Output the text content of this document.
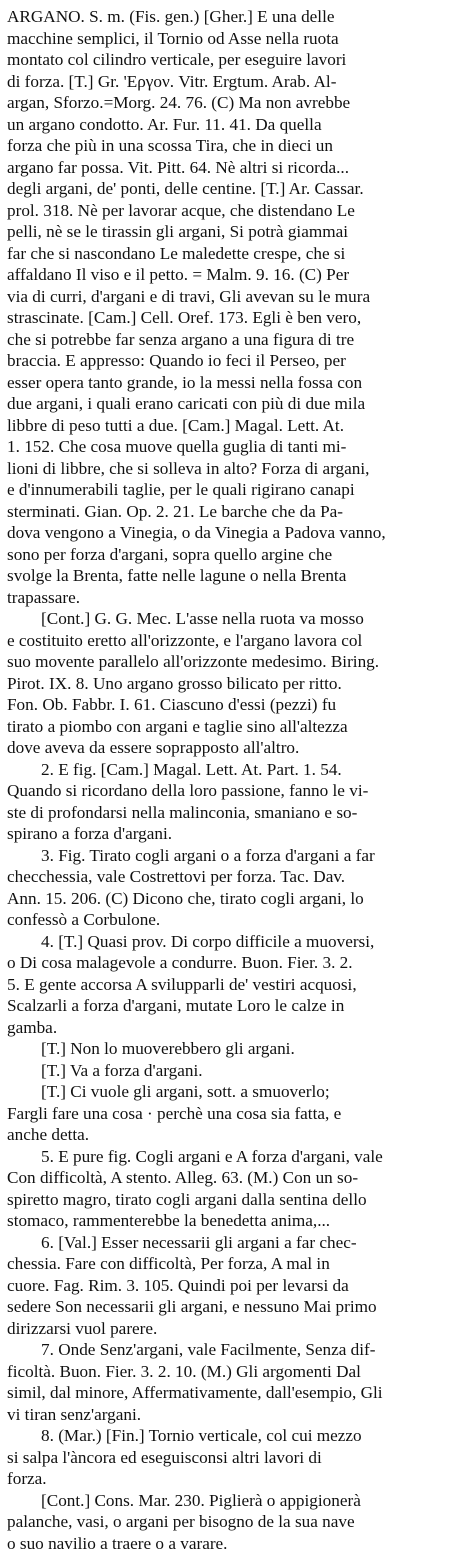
ARGANO. S. m. (Fis. gen.) [Gher.] E una delle
macchine semplici, il Tornio od Asse nella ruota
montato col cilindro verticale, per eseguire lavori
di forza. [T.] Gr. 'Εργον. Vitr. Ergtum. Arab. Al-
argan, Sforzo.=Morg. 24. 76. (C) Ma non avrebbe
un argano condotto. Ar. Fur. 11. 41. Da quella
forza che più in una scossa Tira, che in dieci un
argano far possa. Vit. Pitt. 64. Nè altri si ricorda...
degli argani, de' ponti, delle centine. [T.] Ar. Cassar.
prol. 318. Nè per lavorar acque, che distendano Le
pelli, nè se le tirassin gli argani, Si potrà giammai
far che si nascondano Le maledette crespe, che si
affaldano Il viso e il petto. = Malm. 9. 16. (C) Per
via di curri, d'argani e di travi, Gli avevan su le mura
strascinate. [Cam.] Cell. Oref. 173. Egli è ben vero,
che si potrebbe far senza argano a una figura di tre
braccia. E appresso: Quando io feci il Perseo, per
esser opera tanto grande, io la messi nella fossa con
due argani, i quali erano caricati con più di due mila
libbre di peso tutti a due. [Cam.] Magal. Lett. At.
1. 152. Che cosa muove quella guglia di tanti mi-
lioni di libbre, che si solleva in alto? Forza di argani,
e d'innumerabili taglie, per le quali rigirano canapi
sterminati. Gian. Op. 2. 21. Le barche che da Pa-
dova vengono a Vinegia, o da Vinegia a Padova vanno,
sono per forza d'argani, sopra quello argine che
svolge la Brenta, fatte nelle lagune o nella Brenta
trapassare.
[Cont.] G. G. Mec. L'asse nella ruota va mosso
e costituito eretto all'orizzonte, e l'argano lavora col
suo movente parallelo all'orizzonte medesimo. Biring.
Pirot. IX. 8. Uno argano grosso bilicato per ritto.
Fon. Ob. Fabbr. I. 61. Ciascuno d'essi (pezzi) fu
tirato a piombo con argani e taglie sino all'altezza
dove aveva da essere soprapposto all'altro.
2. E fig. [Cam.] Magal. Lett. At. Part. 1. 54.
Quando si ricordano della loro passione, fanno le vi-
ste di profondarsi nella malinconia, smaniano e so-
spirano a forza d'argani.
3. Fig. Tirato cogli argani o a forza d'argani a far
checchessia, vale Costrettovi per forza. Tac. Dav.
Ann. 15. 206. (C) Dicono che, tirato cogli argani, lo
confessò a Corbulone.
4. [T.] Quasi prov. Di corpo difficile a muoversi,
o Di cosa malagevole a condurre. Buon. Fier. 3. 2.
5. E gente accorsa A svilupparli de' vestiri acquosi,
Scalzarli a forza d'argani, mutate Loro le calze in
gamba.
[T.] Non lo muoverebbero gli argani.
[T.] Va a forza d'argani.
[T.] Ci vuole gli argani, sott. a smuoverlo;
Fargli fare una cosa · perchè una cosa sia fatta, e
anche detta.
5. E pure fig. Cogli argani e A forza d'argani, vale
Con difficoltà, A stento. Alleg. 63. (M.) Con un so-
spiretto magro, tirato cogli argani dalla sentina dello
stomaco, rammenterebbe la benedetta anima,...
6. [Val.] Esser necessarii gli argani a far chec-
chessia. Fare con difficoltà, Per forza, A mal in
cuore. Fag. Rim. 3. 105. Quindi poi per levarsi da
sedere Son necessarii gli argani, e nessuno Mai primo
dirizzarsi vuol parere.
7. Onde Senz'argani, vale Facilmente, Senza dif-
ficoltà. Buon. Fier. 3. 2. 10. (M.) Gli argomenti Dal
simil, dal minore, Affermativamente, dall'esempio, Gli
vi tiran senz'argani.
8. (Mar.) [Fin.] Tornio verticale, col cui mezzo
si salpa l'àncora ed eseguisconsi altri lavori di
forza.
[Cont.] Cons. Mar. 230. Piglierà o appigionerà
palanche, vasi, o argani per bisogno de la sua nave
o suo navilio a traere o a varare.
